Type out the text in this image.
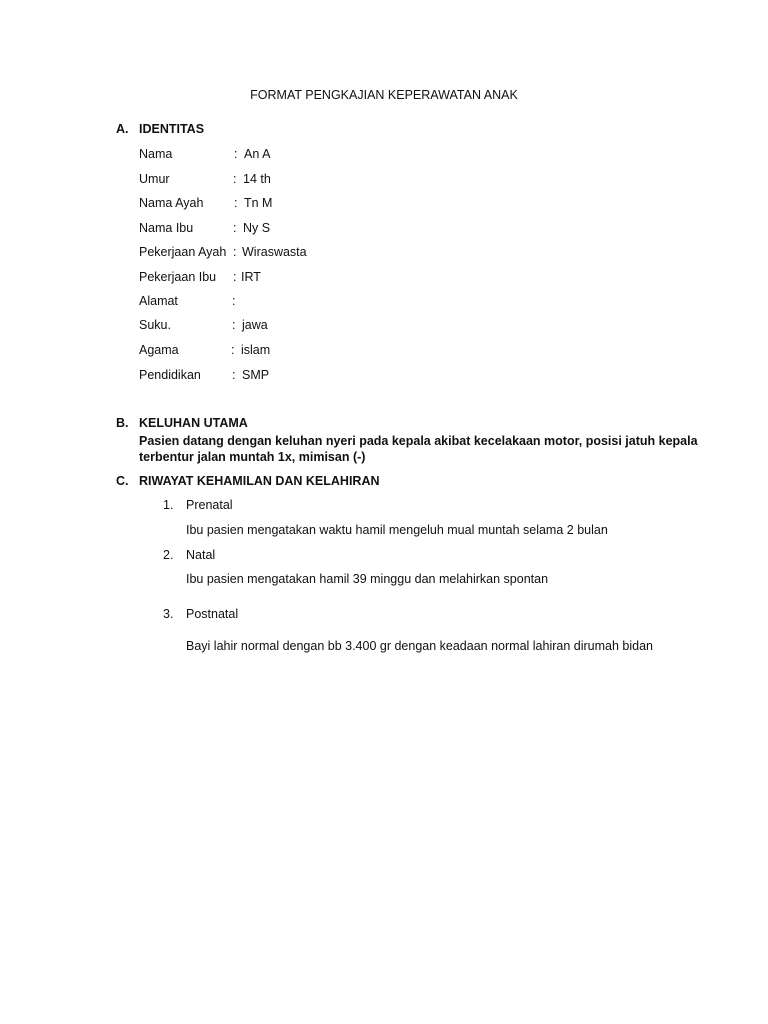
FORMAT PENGKAJIAN KEPERAWATAN ANAK
A. IDENTITAS
Nama	: An A
Umur	: 14 th
Nama Ayah : Tn M
Nama Ibu	: Ny S
Pekerjaan Ayah : Wiraswasta
Pekerjaan Ibu : IRT
Alamat	:
Suku.	: jawa
Agama	: islam
Pendidikan : SMP
B. KELUHAN UTAMA
Pasien datang dengan keluhan nyeri pada kepala akibat kecelakaan motor, posisi jatuh kepala terbentur jalan muntah 1x, mimisan (-)
C. RIWAYAT KEHAMILAN DAN KELAHIRAN
1. Prenatal
Ibu pasien mengatakan waktu hamil mengeluh mual muntah selama 2 bulan
2. Natal
Ibu pasien mengatakan hamil 39 minggu dan melahirkan spontan
3. Postnatal
Bayi lahir normal dengan bb 3.400 gr dengan keadaan normal lahiran dirumah bidan
